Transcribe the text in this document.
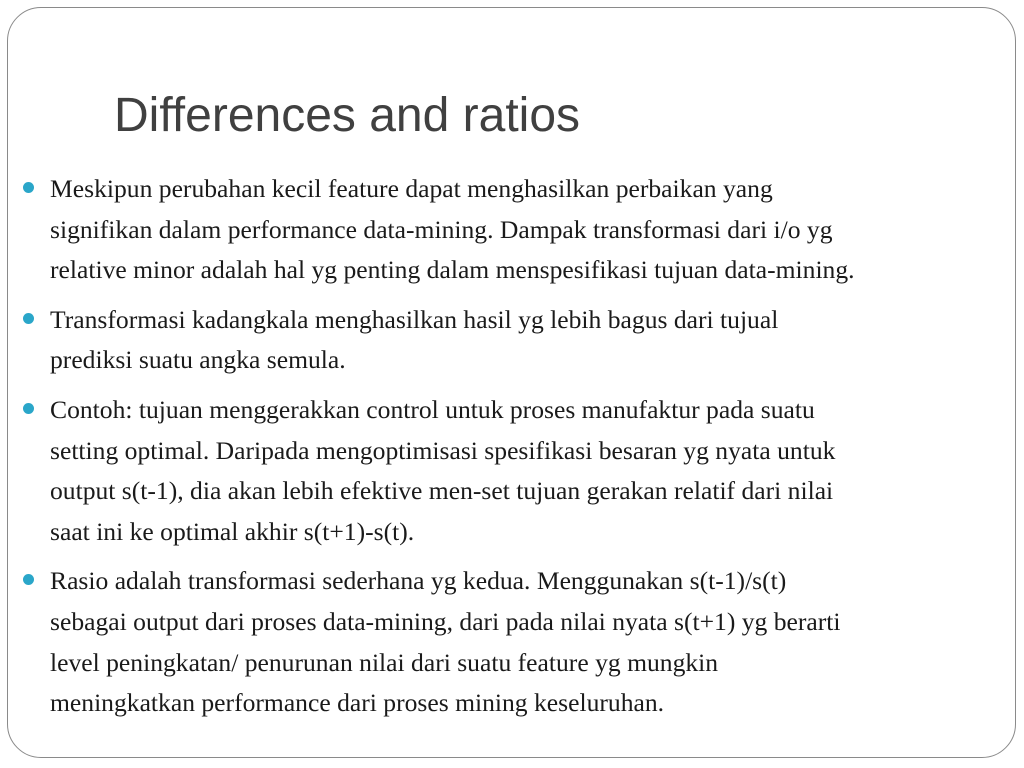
Differences and ratios
Meskipun perubahan kecil feature dapat menghasilkan perbaikan yang
signifikan dalam performance data-mining. Dampak transformasi dari i/o yg
relative minor adalah hal yg penting dalam menspesifikasi tujuan data-mining.
Transformasi kadangkala menghasilkan hasil yg lebih bagus dari tujual
prediksi suatu angka semula.
Contoh: tujuan menggerakkan control untuk proses manufaktur pada suatu
setting optimal. Daripada mengoptimisasi spesifikasi besaran yg nyata untuk
output s(t-1), dia akan lebih efektive men-set tujuan gerakan relatif dari nilai
saat ini ke optimal akhir s(t+1)-s(t).
Rasio adalah transformasi sederhana yg kedua. Menggunakan s(t-1)/s(t)
sebagai output dari proses data-mining, dari pada nilai nyata s(t+1) yg berarti
level peningkatan/ penurunan nilai dari suatu feature yg mungkin
meningkatkan performance dari proses mining keseluruhan.
